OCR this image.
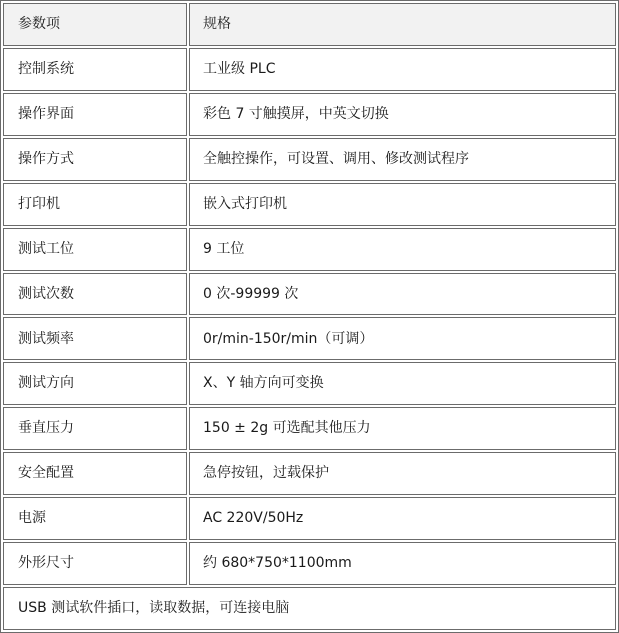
参数项	规格
控制系统	工业级 PLC
操作界面	彩色 7 寸触摸屏，中英文切换
操作方式	全触控操作，可设置、调用、修改测试程序
打印机	嵌入式打印机
测试工位	9 工位
测试次数	0 次-99999 次
测试频率	0r/min-150r/min（可调）
测试方向	X、Y 轴方向可变换
垂直压力	150 ± 2g 可选配其他压力
安全配置	急停按钮，过载保护
电源	AC 220V/50Hz
外形尺寸	约 680*750*1100mm
USB 测试软件插口，读取数据，可连接电脑	
